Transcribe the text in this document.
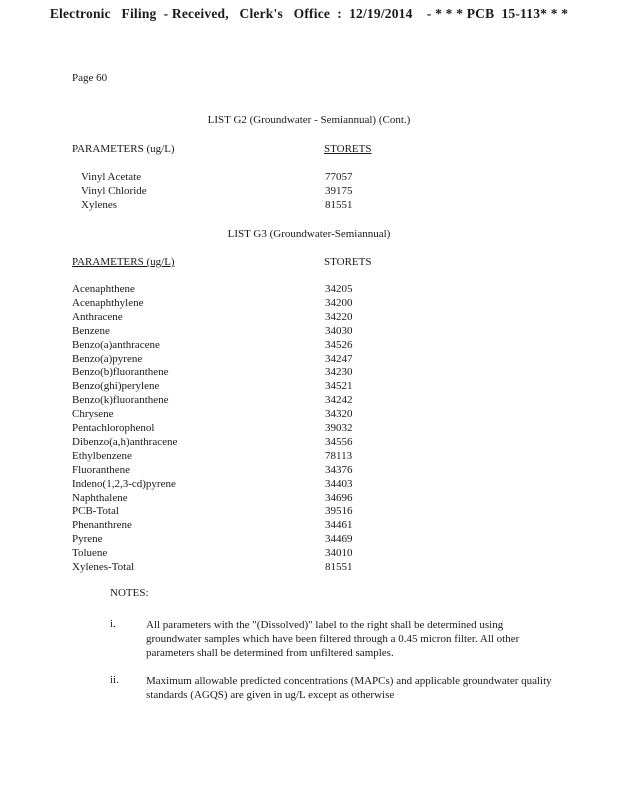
Electronic   Filing  - Received,   Clerk's   Office  :  12/19/2014    - * * * PCB  15-113* * *
Page 60
LIST G2 (Groundwater - Semiannual) (Cont.)
PARAMETERS (ug/L)	STORETS
Vinyl Acetate	77057
Vinyl Chloride	39175
Xylenes	81551
LIST G3 (Groundwater-Semiannual)
PARAMETERS (ug/L)	STORETS
Acenaphthene	34205
Acenaphthylene	34200
Anthracene	34220
Benzene	34030
Benzo(a)anthracene	34526
Benzo(a)pyrene	34247
Benzo(b)fluoranthene	34230
Benzo(ghi)perylene	34521
Benzo(k)fluoranthene	34242
Chrysene	34320
Pentachlorophenol	39032
Dibenzo(a,h)anthracene	34556
Ethylbenzene	78113
Fluoranthene	34376
Indeno(1,2,3-cd)pyrene	34403
Naphthalene	34696
PCB-Total	39516
Phenanthrene	34461
Pyrene	34469
Toluene	34010
Xylenes-Total	81551
NOTES:
i.	All parameters with the "(Dissolved)" label to the right shall be determined using groundwater samples which have been filtered through a 0.45 micron filter. All other parameters shall be determined from unfiltered samples.
ii. Maximum allowable predicted concentrations (MAPCs) and applicable groundwater quality standards (AGQS) are given in ug/L except as otherwise
